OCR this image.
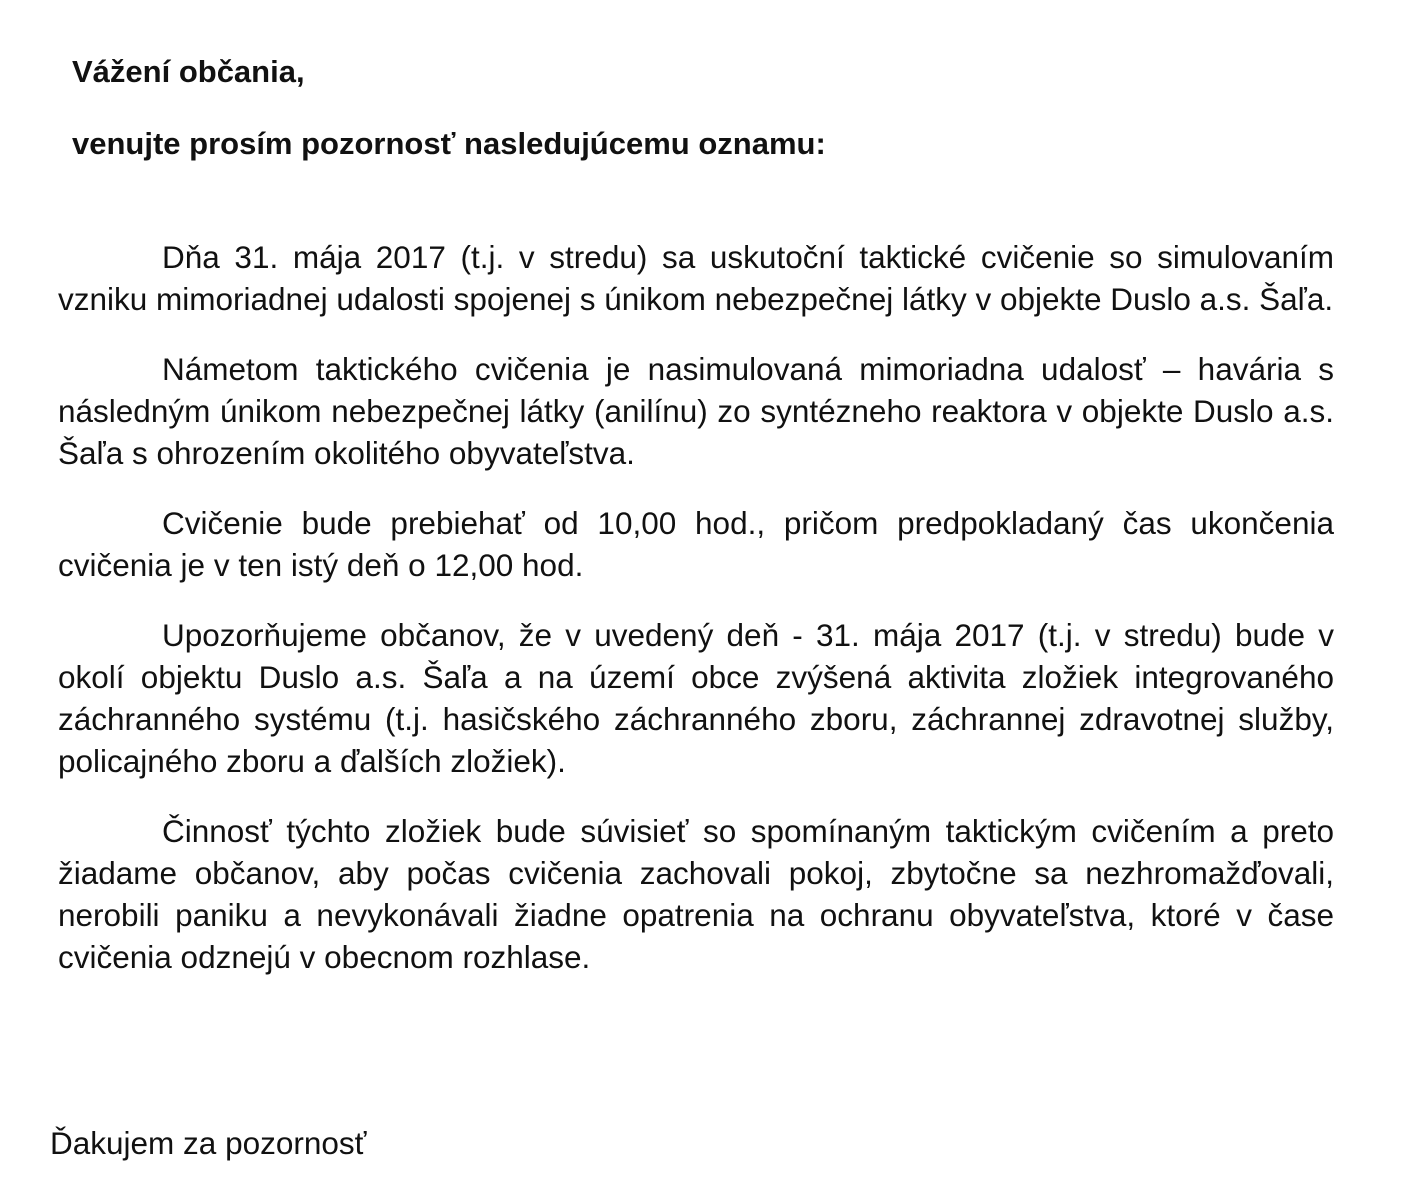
Vážení občania,
venujte prosím pozornosť nasledujúcemu oznamu:

Dňa 31. mája 2017 (t.j. v stredu) sa uskutoční taktické cvičenie so simulovaním vzniku mimoriadnej udalosti spojenej s únikom nebezpečnej látky v objekte Duslo a.s. Šaľa.

Námetom taktického cvičenia je nasimulovaná mimoriadna udalosť – havária s následným únikom nebezpečnej látky (anilínu) zo syntézneho reaktora v objekte Duslo a.s. Šaľa s ohrozením okolitého obyvateľstva.

Cvičenie bude prebiehať od 10,00 hod., pričom predpokladaný čas ukončenia cvičenia je v ten istý deň o 12,00 hod.

Upozorňujeme občanov, že v uvedený deň - 31. mája 2017 (t.j. v stredu) bude v okolí objektu Duslo a.s. Šaľa a na území obce zvýšená aktivita zložiek integrovaného záchranného systému (t.j. hasičského záchranného zboru, záchrannej zdravotnej služby, policajného zboru a ďalších zložiek).

Činnosť týchto zložiek bude súvisieť so spomínaným taktickým cvičením a preto žiadame občanov, aby počas cvičenia zachovali pokoj, zbytočne sa nezhromažďovali, nerobili paniku a nevykonávali žiadne opatrenia na ochranu obyvateľstva, ktoré v čase cvičenia odznejú v obecnom rozhlase.

Ďakujem za pozornosť
